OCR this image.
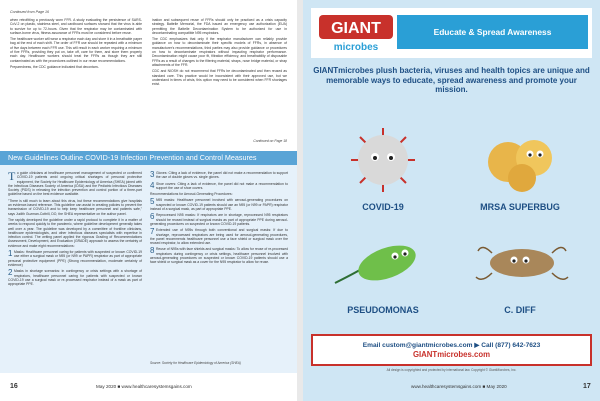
Continued from Page 16

when retrofitting a previously worn FFR. A study evaluating the persistence of SARS-CoV-2 on plastic, stainless steel, and cardboard surfaces showed that the virus is able to survive for up to 72-hours. Given that the respirator may be contaminated with surface-borne virus, fitness assurance of FFRs must be considered before reuse.

The healthcare worker will wear a respirator each day and store it in a breathable paper bag at the end of each shift. The order of FFR use should be repeated with a minimum of five days between each FFR use. This will result in each worker requiring a minimum of five FFRs, providing they put on, take off, care for them, and store them properly each day. Healthcare workers should treat the FFRs as though they are still contaminated as with the procedures outlined in our reuse recommendations.

Preparedness, the CDC guidance indicated that decontam-

ination and subsequent reuse of FFRs should only be practiced as a crisis capacity strategy. Battelle Memorial, the FDA issued an emergency use authorization (EUA) permitting the Battelle Decontamination System to be authorized for use in decontaminating compatible N95 respirators.

The CDC emphasizes that only if the respirator manufacturer can reliably provide guidance on how to decontaminate their specific models of FFRs, in absence of manufacturer's recommendations, third parties may also provide guidance or procedures on how to decontaminate respirators without impacting respirator performance. Decontamination might cause poor fit, filtration efficiency, and breathability of disposable FFRs as a result of changes to the filtering material, straps, nose bridge material, or strap attachments of the FFR.

CDC and NIOSH do not recommend that FFRs be decontaminated and then reused as standard care. This practice would be inconsistent with their approved use, but we understand in times of crisis, this option may need to be considered when FFR shortages exist.

Continued on Page 18
New Guidelines Outline COVID-19 Infection Prevention and Control Measures

To guide clinicians at healthcare personnel management of suspected or confirmed COVID-19 patients amid ongoing critical shortages of personal protective equipment, the Society for Healthcare Epidemiology of America (SHEA) joined with the Infectious Diseases Society of America (IDSA) and the Pediatric Infectious Diseases Society (PIDS) in releasing the infection prevention and control portion of a three-part guideline based on the best evidence available.

"There is still much to learn about this virus, but these recommendations give hospitals an evidence-based reference. This guideline can assist in creating policies to prevent the transmission of COVID-19 and to help keep healthcare personnel and patients safe," says Judith Guzman-Cottrill, DO, the SHEA representative on the author panel.

The rapidly developed the guideline under a rapid protocol to complete it in a matter of weeks to respond quickly to the pandemic, where guideline development generally takes well over a year. The guideline was developed by a committee of frontline clinicians, healthcare epidemiologists, and other infectious diseases specialists with expertise in infection control. The writing panel applied the rigorous Grading of Recommendations Assessment, Development, and Evaluation (GRADE) approach to assess the certainty of evidence and make eight recommendations:

1 Masks: Healthcare personnel caring for patients with suspected or known COVID-19 use either a surgical mask or N95 (or N99 or PAPR) respirator as part of appropriate personal protective equipment (PPE) (Strong recommendation, moderate certainty of evidence)

2 Masks in shortage scenarios: in contingency or crisis settings with a shortage of respirators, healthcare personnel caring for patients with suspected or known COVID-19 use a surgical mask or re-processed respirator instead of a mask as part of appropriate PPE.

3 Gloves: Citing a lack of evidence, the panel did not make a recommendation to support the use of double gloves vs. single gloves.

4 Shoe covers: Citing a lack of evidence, the panel did not make a recommendation to support the use of shoe covers.

Recommendations for Aerosol-Generating Procedures:

5 N95 masks: Healthcare personnel involved with aerosol-generating procedures on suspected or known COVID-19 patients should use an N95 (or N99 or PAPR) respirator instead of a surgical mask, as part of appropriate PPE.

6 Reprocessed N95 masks: If respirators are in shortage, reprocessed N95 respirators should be reused instead of surgical masks as part of appropriate PPE during aerosol-generating procedures on suspected or known COVID-19 patients.

7 Extended use of N95s through both conventional and surgical masks: If due to shortage, reprocessed respirators are being used for aerosol-generating procedures, the panel recommends healthcare personnel use a face shield or surgical mask over the reused respirator, to allow extended use.

8 Reuse of N95s with face shields and surgical masks: To allow for reuse of re-processed respirators during contingency or crisis settings, healthcare personnel involved with aerosol-generating procedures on suspected or known COVID-19 patients should use a face shield or surgical mask as a cover for the N95 respirator to allow for reuse.

Source: Society for Healthcare Epidemiology of America (SHEA)
16	May 2020 ■ www.healthcaresystemsgains.com
GIANT
microbes
Educate & Spread Awareness
GIANTmicrobes plush bacteria, viruses and health topics are unique and memorable ways to educate, spread awareness and promote your mission.
COVID-19	MRSA SUPERBUG
PSEUDOMONAS	C. DIFF
Email custom@giantmicrobes.com ▶ Call (877) 642-7623
GIANTmicrobes.com
All design is copyrighted and protected by international law. Copyright © GiantMicrobes, Inc.
www.healthcaresystemsgains.com ■ May 2020	17
